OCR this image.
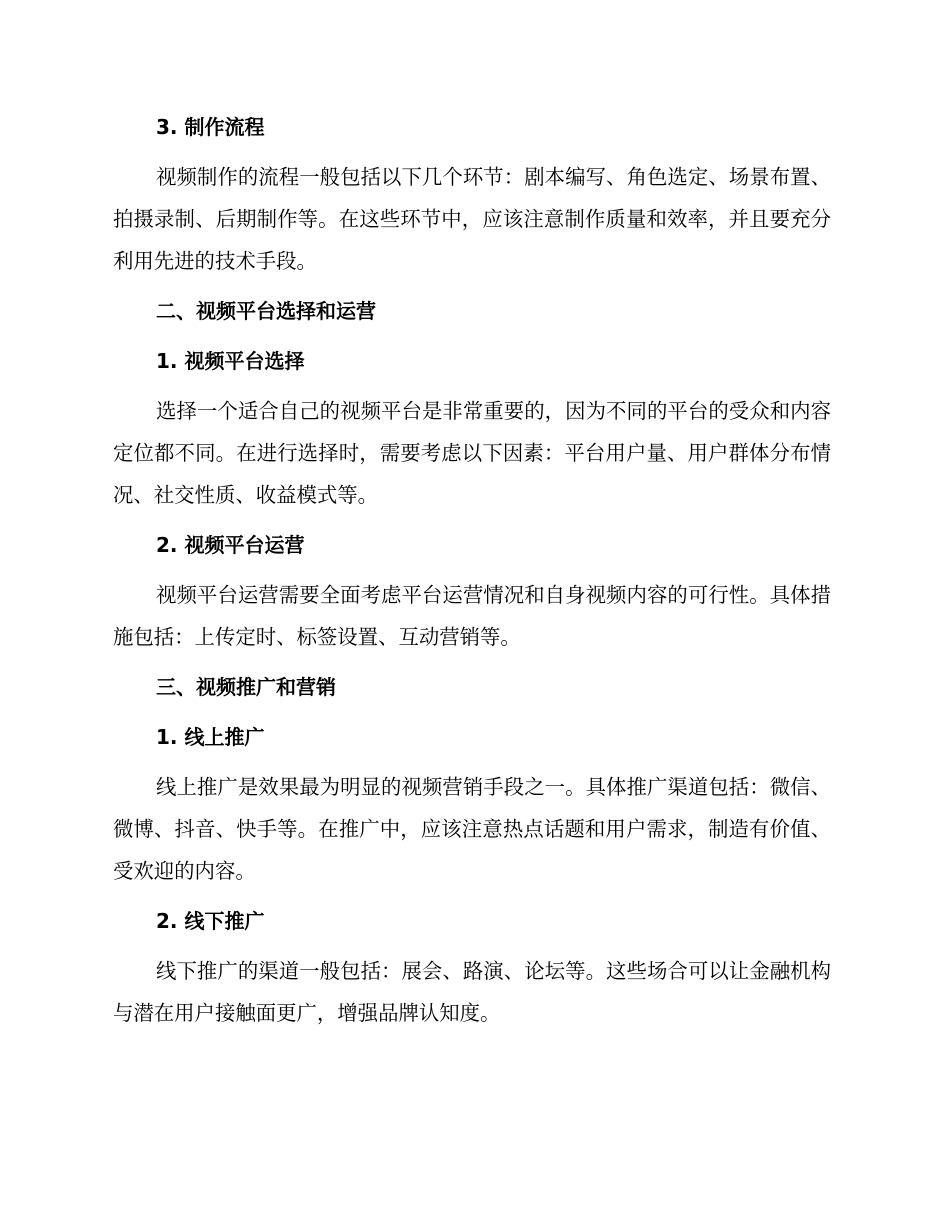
3. 制作流程

视频制作的流程一般包括以下几个环节：剧本编写、角色选定、场景布置、拍摄录制、后期制作等。在这些环节中，应该注意制作质量和效率，并且要充分利用先进的技术手段。

二、视频平台选择和运营
1. 视频平台选择

选择一个适合自己的视频平台是非常重要的，因为不同的平台的受众和内容定位都不同。在进行选择时，需要考虑以下因素：平台用户量、用户群体分布情况、社交性质、收益模式等。

2. 视频平台运营

视频平台运营需要全面考虑平台运营情况和自身视频内容的可行性。具体措施包括：上传定时、标签设置、互动营销等。

三、视频推广和营销
1. 线上推广

线上推广是效果最为明显的视频营销手段之一。具体推广渠道包括：微信、微博、抖音、快手等。在推广中，应该注意热点话题和用户需求，制造有价值、受欢迎的内容。

2. 线下推广

线下推广的渠道一般包括：展会、路演、论坛等。这些场合可以让金融机构与潜在用户接触面更广，增强品牌认知度。
